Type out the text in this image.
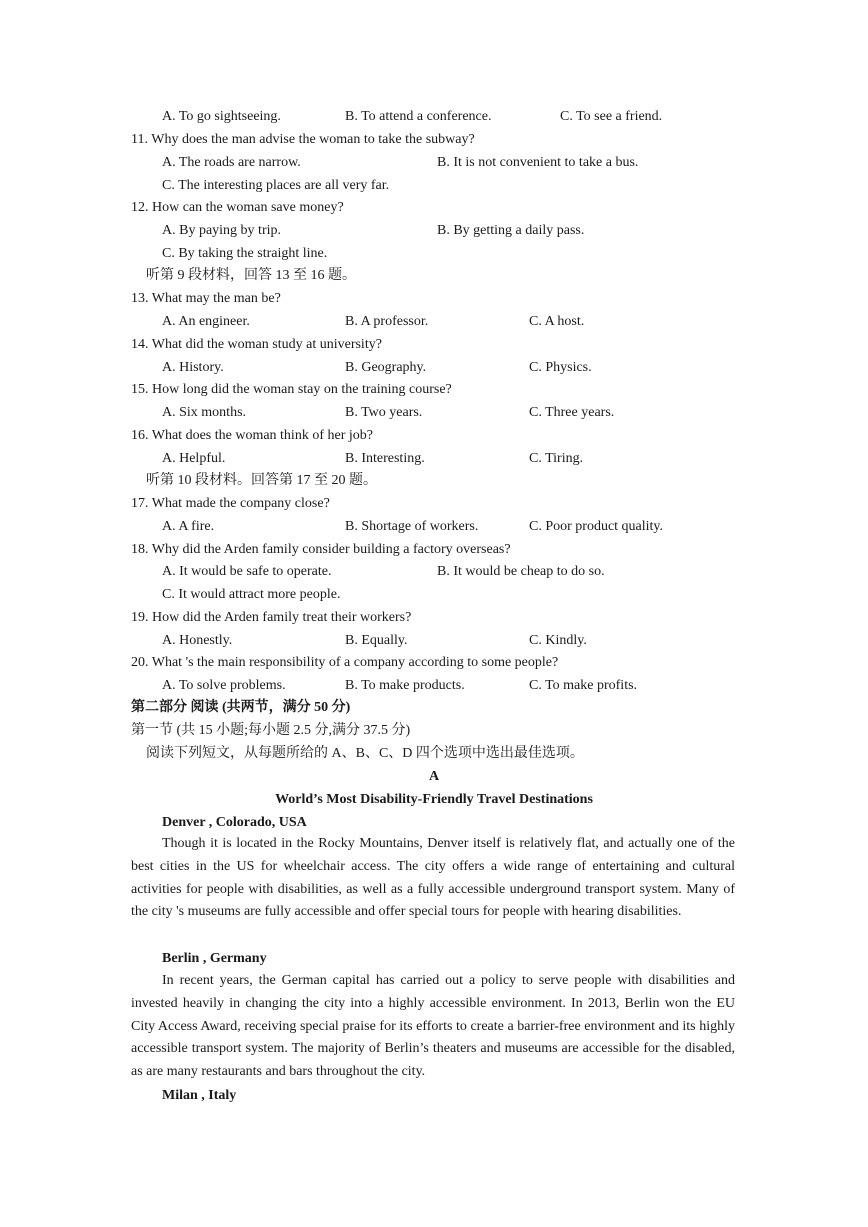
A. To go sightseeing.	B. To attend a conference.	C. To see a friend.
11. Why does the man advise the woman to take the subway?
A. The roads are narrow.	B. It is not convenient to take a bus.
C. The interesting places are all very far.
12. How can the woman save money?
A. By paying by trip.	B. By getting a daily pass.
C. By taking the straight line.
听第 9 段材料，回答 13 至 16 题。
13. What may the man be?
A. An engineer.	B. A professor.	C. A host.
14. What did the woman study at university?
A. History.	B. Geography.	C. Physics.
15. How long did the woman stay on the training course?
A. Six months.	B. Two years.	C. Three years.
16. What does the woman think of her job?
A. Helpful.	B. Interesting.	C. Tiring.
听第 10 段材料。回答第 17 至 20 题。
17. What made the company close?
A. A fire.	B. Shortage of workers.	C. Poor product quality.
18. Why did the Arden family consider building a factory overseas?
A. It would be safe to operate.	B. It would be cheap to do so.
C. It would attract more people.
19. How did the Arden family treat their workers?
A. Honestly.	B. Equally.	C. Kindly.
20. What 's the main responsibility of a company according to some people?
A. To solve problems.	B. To make products.	C. To make profits.
第二部分 阅读 (共两节，满分 50 分)
第一节 (共 15 小题;每小题 2.5 分,满分 37.5 分)
阅读下列短文，从每题所给的 A、B、C、D 四个选项中选出最佳选项。
A
World’s Most Disability-Friendly Travel Destinations
Denver , Colorado, USA
Though it is located in the Rocky Mountains, Denver itself is relatively flat, and actually one of the best cities in the US for wheelchair access. The city offers a wide range of entertaining and cultural activities for people with disabilities, as well as a fully accessible underground transport system. Many of the city 's museums are fully accessible and offer special tours for people with hearing disabilities.
Berlin , Germany
In recent years, the German capital has carried out a policy to serve people with disabilities and invested heavily in changing the city into a highly accessible environment. In 2013, Berlin won the EU City Access Award, receiving special praise for its efforts to create a barrier-free environment and its highly accessible transport system. The majority of Berlin’s theaters and museums are accessible for the disabled, as are many restaurants and bars throughout the city.
Milan , Italy
